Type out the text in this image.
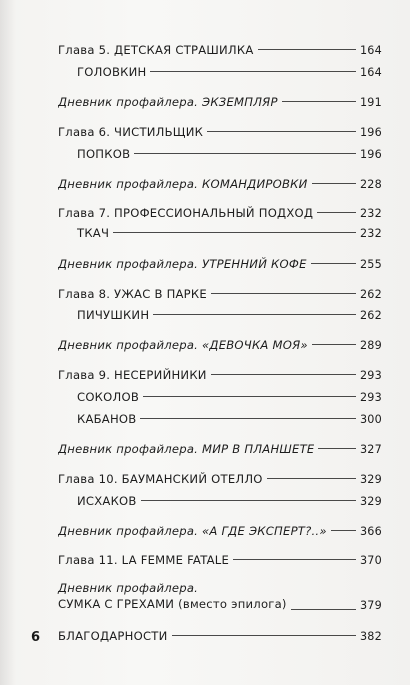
Глава 5. ДЕТСКАЯ СТРАШИЛКА	164
ГОЛОВКИН	164
Дневник профайлера. ЭКЗЕМПЛЯР	191
Глава 6. ЧИСТИЛЬЩИК	196
ПОПКОВ	196
Дневник профайлера. КОМАНДИРОВКИ	228
Глава 7. ПРОФЕССИОНАЛЬНЫЙ ПОДХОД	232
ТКАЧ	232
Дневник профайлера. УТРЕННИЙ КОФЕ	255
Глава 8. УЖАС В ПАРКЕ	262
ПИЧУШКИН	262
Дневник профайлера. «ДЕВОЧКА МОЯ»	289
Глава 9. НЕСЕРИЙНИКИ	293
СОКОЛОВ	293
КАБАНОВ	300
Дневник профайлера. МИР В ПЛАНШЕТЕ	327
Глава 10. БАУМАНСКИЙ ОТЕЛЛО	329
ИСХАКОВ	329
Дневник профайлера. «А ГДЕ ЭКСПЕРТ?..»	366
Глава 11. LA FEMME FATALE	370
Дневник профайлера.
СУМКА С ГРЕХАМИ (вместо эпилога)	379
БЛАГОДАРНОСТИ	382
6
